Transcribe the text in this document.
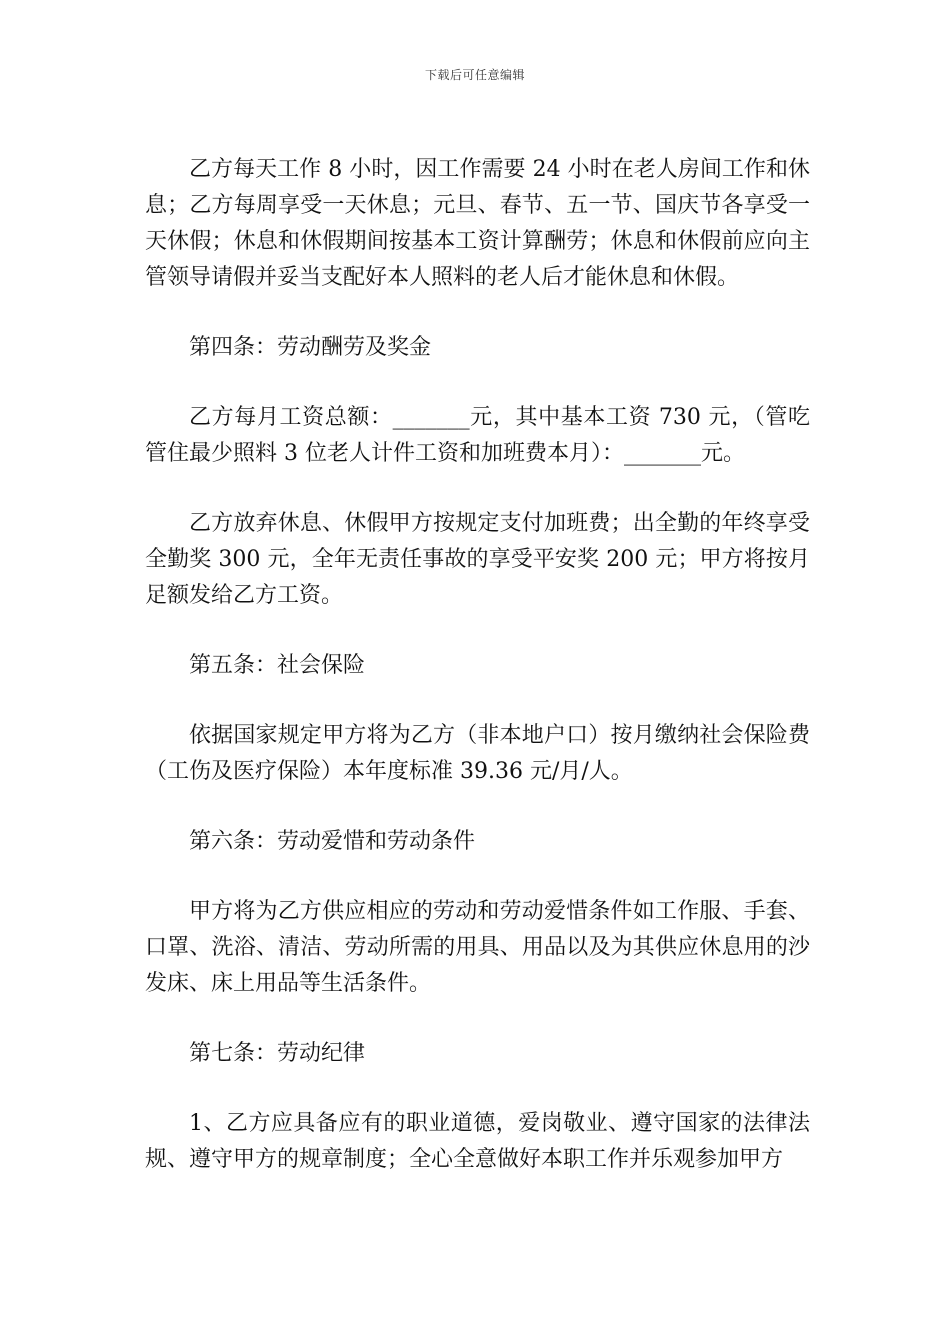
下载后可任意编辑

乙方每天工作 8 小时，因工作需要 24 小时在老人房间工作和休息；乙方每周享受一天休息；元旦、春节、五一节、国庆节各享受一天休假；休息和休假期间按基本工资计算酬劳；休息和休假前应向主管领导请假并妥当支配好本人照料的老人后才能休息和休假。

第四条：劳动酬劳及奖金

乙方每月工资总额：_______元，其中基本工资 730 元，（管吃管住最少照料 3 位老人计件工资和加班费本月）：_______元。

乙方放弃休息、休假甲方按规定支付加班费；出全勤的年终享受全勤奖 300 元，全年无责任事故的享受平安奖 200 元；甲方将按月足额发给乙方工资。

第五条：社会保险

依据国家规定甲方将为乙方（非本地户口）按月缴纳社会保险费（工伤及医疗保险）本年度标准 39.36 元/月/人。

第六条：劳动爱惜和劳动条件

甲方将为乙方供应相应的劳动和劳动爱惜条件如工作服、手套、口罩、洗浴、清洁、劳动所需的用具、用品以及为其供应休息用的沙发床、床上用品等生活条件。

第七条：劳动纪律

1、乙方应具备应有的职业道德，爱岗敬业、遵守国家的法律法规、遵守甲方的规章制度；全心全意做好本职工作并乐观参加甲方
